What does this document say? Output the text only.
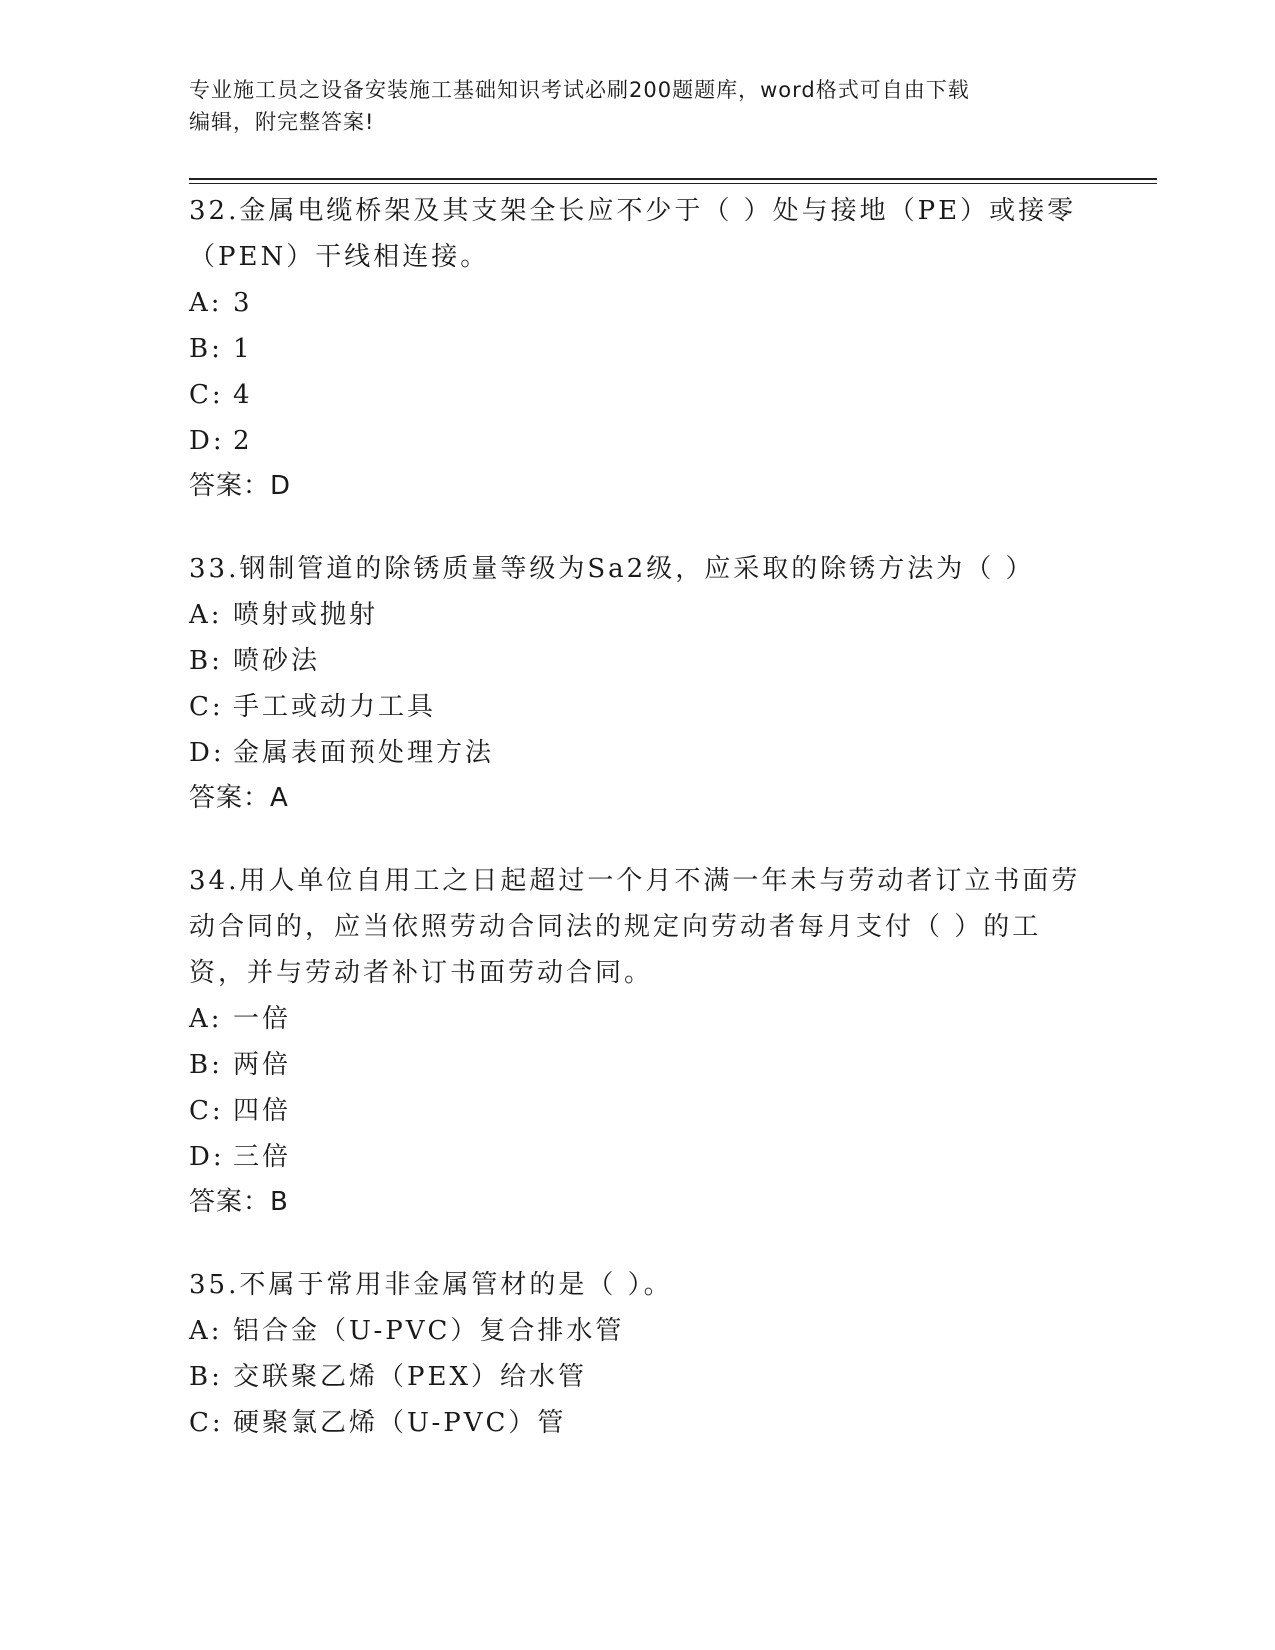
专业施工员之设备安装施工基础知识考试必刷200题题库，word格式可自由下载
编辑，附完整答案!

32.金属电缆桥架及其支架全长应不少于（ ）处与接地（PE）或接零（PEN）干线相连接。

A: 3

B: 1

C: 4

D: 2

答案：D

33.钢制管道的除锈质量等级为Sa2级，应采取的除锈方法为（ ）

A: 喷射或抛射

B: 喷砂法

C: 手工或动力工具

D: 金属表面预处理方法

答案：A

34.用人单位自用工之日起超过一个月不满一年未与劳动者订立书面劳动合同的，应当依照劳动合同法的规定向劳动者每月支付（ ）的工资，并与劳动者补订书面劳动合同。

A: 一倍

B: 两倍

C: 四倍

D: 三倍

答案：B

35.不属于常用非金属管材的是（ ）。

A: 铝合金（U-PVC）复合排水管

B: 交联聚乙烯（PEX）给水管

C: 硬聚氯乙烯（U-PVC）管
